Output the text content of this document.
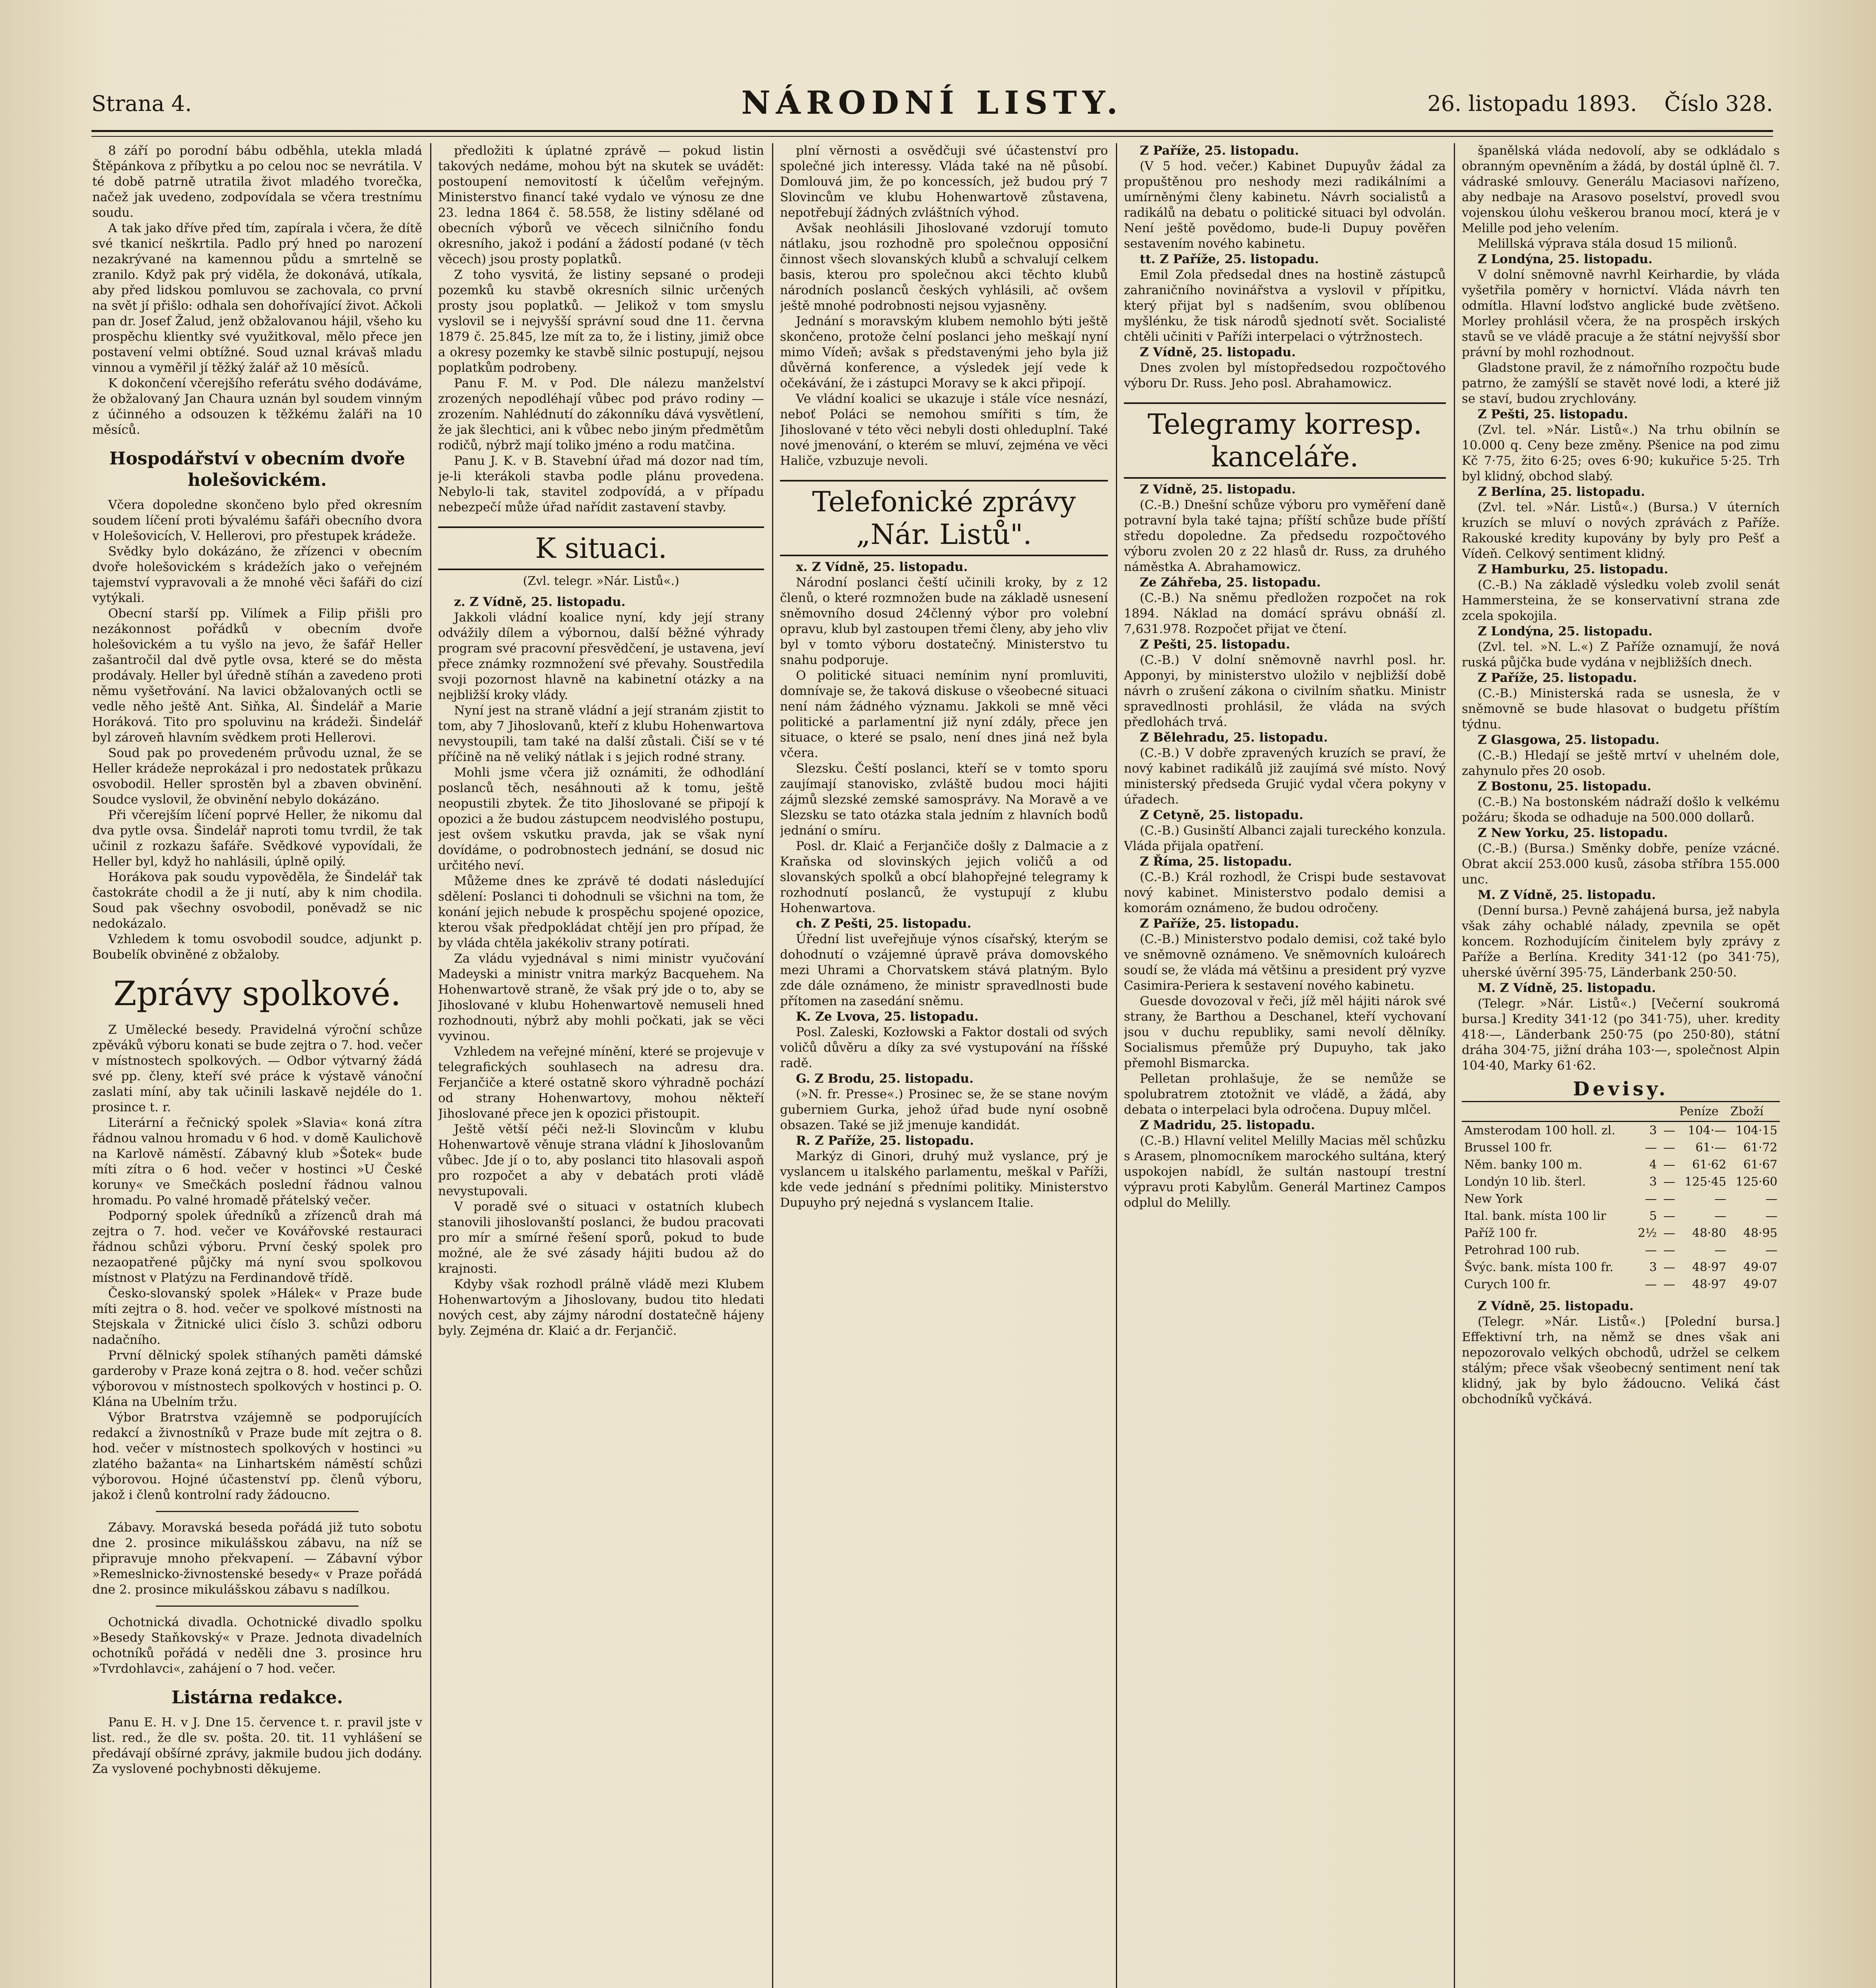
Strana 4.	NÁRODNÍ LISTY.	26. listopadu 1893. Číslo 328.

8 září po porodní bábu odběhla, utekla mladá Štěpánkova z příbytku a po celou noc se nevrátila. V té době patrně utratila život mladého tvorečka, načež jak uvedeno, zodpovídala se včera trestnímu soudu.

A tak jako dříve před tím, zapírala i včera, že dítě své tkanicí neškrtila. Padlo prý hned po narození nezakrývané na kamennou půdu a smrtelně se zranilo. Když pak prý viděla, že dokonává, utíkala, aby před lidskou pomluvou se zachovala, co první na svět jí přišlo: odhala sen dohořívající život. Ačkoli pan dr. Josef Žalud, jenž obžalovanou hájil, všeho ku prospěchu klientky své využitkoval, mělo přece jen postavení velmi obtížné. Soud uznal krávaš mladu vinnou a vyměřil jí těžký žalář až 10 měsíců.

K dokončení včerejšího referátu svého dodáváme, že obžalovaný Jan Chaura uznán byl soudem vinným z účinného a odsouzen k těžkému žaláři na 10 měsíců.

Hospodářství v obecním dvoře holešovickém.

Včera dopoledne skončeno bylo před okresním soudem líčení proti bývalému šafáři obecního dvora v Holešovicích, V. Hellerovi, pro přestupek krádeže.

Svědky bylo dokázáno, že zřízenci v obecním dvoře holešovickém s krádežích jako o veřejném tajemství vypravovali a že mnohé věci šafáři do cizí vytýkali.

Obecní starší pp. Vilímek a Filip přišli pro nezákonnost pořádků v obecním dvoře holešovickém a tu vyšlo na jevo, že šafář Heller zašantročil dal dvě pytle ovsa, které se do města prodávaly. Heller byl úředně stíhán a zavedeno proti němu vyšetřování. Na lavici obžalovaných octli se vedle něho ještě Ant. Siňka, Al. Šindelář a Marie Horáková. Tito pro spoluvinu na krádeži. Šindelář byl zároveň hlavním svědkem proti Hellerovi.

Soud pak po provedeném průvodu uznal, že se Heller krádeže neprokázal i pro nedostatek průkazu osvobodil. Heller sprostěn byl a zbaven obvinění. Soudce vyslovil, že obvinění nebylo dokázáno.

Při včerejším líčení poprvé Heller, že nikomu dal dva pytle ovsa. Šindelář naproti tomu tvrdil, že tak učinil z rozkazu šafáře. Svědkové vypovídali, že Heller byl, když ho nahlásili, úplně opilý.

Horákova pak soudu vypověděla, že Šindelář tak častokráte chodil a že ji nutí, aby k nim chodila. Soud pak všechny osvobodil, poněvadž se nic nedokázalo.

Vzhledem k tomu osvobodil soudce, adjunkt p. Boubelík obviněné z obžaloby.

Zprávy spolkové.

Z Umělecké besedy. Pravidelná výroční schůze zpěváků výboru konati se bude zejtra o 7. hod. večer v místnostech spolkových. — Odbor výtvarný žádá své pp. členy, kteří své práce k výstavě vánoční zaslati míní, aby tak učinili laskavě nejdéle do 1. prosince t. r.

Literární a řečnický spolek »Slavia« koná zítra řádnou valnou hromadu v 6 hod. v domě Kaulichově na Karlově náměstí. Zábavný klub »Šotek« bude míti zítra o 6 hod. večer v hostinci »U České koruny« ve Smečkách poslední řádnou valnou hromadu. Po valné hromadě přátelský večer.

Podporný spolek úředníků a zřízenců drah má zejtra o 7. hod. večer ve Kovářovské restauraci řádnou schůzi výboru. První český spolek pro nezaopatřené půjčky má nyní svou spolkovou místnost v Platýzu na Ferdinandově třídě.

Česko-slovanský spolek »Hálek« v Praze bude míti zejtra o 8. hod. večer ve spolkové místnosti na Stejskala v Žitnické ulici číslo 3. schůzi odboru nadačního.

První dělnický spolek stíhaných paměti dámské garderoby v Praze koná zejtra o 8. hod. večer schůzi výborovou v místnostech spolkových v hostinci p. O. Klána na Ubelním tržu.

Výbor Bratrstva vzájemně se podporujících redakcí a živnostníků v Praze bude mít zejtra o 8. hod. večer v místnostech spolkových v hostinci »u zlatého bažanta« na Linhartském náměstí schůzi výborovou. Hojné účastenství pp. členů výboru, jakož i členů kontrolní rady žádoucno.

Zábavy. Moravská beseda pořádá již tuto sobotu dne 2. prosince mikulášskou zábavu, na níž se připravuje mnoho překvapení. — Zábavní výbor »Remeslnicko-živnostenské besedy« v Praze pořádá dne 2. prosince mikulášskou zábavu s nadílkou.

Ochotnická divadla. Ochotnické divadlo spolku »Besedy Staňkovský« v Praze. Jednota divadelních ochotníků pořádá v neděli dne 3. prosince hru »Tvrdohlavci«, zahájení o 7 hod. večer.

Listárna redakce.

Panu E. H. v J. Dne 15. července t. r. pravil jste v list. red., že dle sv. pošta. 20. tit. 11 vyhlášení se předávají obšírné zprávy, jakmile budou jich dodány. Za vyslovené pochybnosti děkujeme.

předložiti k úplatné zprávě — pokud listin takových nedáme, mohou být na skutek se uvádět: postoupení nemovitostí k účelům veřejným. Ministerstvo financí také vydalo ve výnosu ze dne 23. ledna 1864 č. 58.558, že listiny sdělané od obecních výborů ve věcech silničního fondu okresního, jakož i podání a žádostí podané (v těch věcech) jsou prosty poplatků.

Z toho vysvitá, že listiny sepsané o prodeji pozemků ku stavbě okresních silnic určených prosty jsou poplatků. — Jelikož v tom smyslu vyslovil se i nejvyšší správní soud dne 11. června 1879 č. 25.845, lze mít za to, že i listiny, jimiž obce a okresy pozemky ke stavbě silnic postupují, nejsou poplatkům podrobeny.

Panu F. M. v Pod. Dle nálezu manželství zrozených nepodléhají vůbec pod právo rodiny — zrozením. Nahlédnutí do zákonníku dává vysvětlení, že jak šlechtici, ani k vůbec nebo jiným předmětům rodičů, nýbrž mají toliko jméno a rodu matčina.

Panu J. K. v B. Stavební úřad má dozor nad tím, je-li kterákoli stavba podle plánu provedena. Nebylo-li tak, stavitel zodpovídá, a v případu nebezpečí může úřad nařídit zastavení stavby.

K situaci.
(Zvl. telegr. »Nár. Listů«.)

z. Z Vídně, 25. listopadu.

Jakkoli vládní koalice nyní, kdy její strany odvážily dílem a výbornou, další běžné výhrady program své pracovní přesvědčení, je ustavena, jeví přece známky rozmnožení své převahy. Soustředila svoji pozornost hlavně na kabinetní otázky a na nejbližší kroky vlády.

Nyní jest na straně vládní a její stranám zjistit to tom, aby 7 Jihoslovanů, kteří z klubu Hohenwartova nevystoupili, tam také na další zůstali. Čiší se v té příčině na ně veliký nátlak i s jejich rodné strany.

Mohli jsme včera již oznámiti, že odhodlání poslanců těch, nesáhnouti až k tomu, ještě neopustili zbytek. Že tito Jihoslované se připojí k opozici a že budou zástupcem neodvislého postupu, jest ovšem vskutku pravda, jak se však nyní dovídáme, o podrobnostech jednání, se dosud nic určitého neví.

Můžeme dnes ke zprávě té dodati následující sdělení: Poslanci ti dohodnuli se všichni na tom, že konání jejich nebude k prospěchu spojené opozice, kterou však předpokládat chtějí jen pro případ, že by vláda chtěla jakékoliv strany potírati.

Za vládu vyjednával s nimi ministr vyučování Madeyski a ministr vnitra markýz Bacquehem. Na Hohenwartově straně, že však prý jde o to, aby se Jihoslované v klubu Hohenwartově nemuseli hned rozhodnouti, nýbrž aby mohli počkati, jak se věci vyvinou.

Vzhledem na veřejné mínění, které se projevuje v telegrafických souhlasech na adresu dra. Ferjančiče a které ostatně skoro výhradně pochází od strany Hohenwartovy, mohou někteří Jihoslované přece jen k opozici přistoupit.

Ještě větší péči než-li Slovincům v klubu Hohenwartově věnuje strana vládní k Jihoslovanům vůbec. Jde jí o to, aby poslanci tito hlasovali aspoň pro rozpočet a aby v debatách proti vládě nevystupovali.

V poradě své o situaci v ostatních klubech stanovili jihoslovanští poslanci, že budou pracovati pro mír a smírné řešení sporů, pokud to bude možné, ale že své zásady hájiti budou až do krajnosti.

Kdyby však rozhodl prálně vládě mezi Klubem Hohenwartovým a Jihoslovany, budou tito hledati nových cest, aby zájmy národní dostatečně hájeny byly. Zejména dr. Klaić a dr. Ferjančič.

plní věrnosti a osvědčuji své účastenství pro společné jich interessy. Vláda také na ně působí. Domlouvá jim, že po koncessích, jež budou prý 7 Slovincům ve klubu Hohenwartově zůstavena, nepotřebují žádných zvláštních výhod.

Avšak neohlásili Jihoslované vzdorují tomuto nátlaku, jsou rozhodně pro společnou opposiční činnost všech slovanských klubů a schvalují celkem basis, kterou pro společnou akci těchto klubů národních poslanců českých vyhlásili, ač ovšem ještě mnohé podrobnosti nejsou vyjasněny.

Jednání s moravským klubem nemohlo býti ještě skončeno, protože čelní poslanci jeho meškají nyní mimo Vídeň; avšak s představenými jeho byla již důvěrná konference, a výsledek její vede k očekávání, že i zástupci Moravy se k akci připojí.

Ve vládní koalici se ukazuje i stále více nesnází, neboť Poláci se nemohou smířiti s tím, že Jihoslované v této věci nebyli dosti ohleduplní. Také nové jmenování, o kterém se mluví, zejména ve věci Haliče, vzbuzuje nevoli.

Telefonické zprávy „Nár. Listů".

x. Z Vídně, 25. listopadu.

Národní poslanci čeští učinili kroky, by z 12 členů, o které rozmnožen bude na základě usnesení sněmovního dosud 24členný výbor pro volební opravu, klub byl zastoupen třemi členy, aby jeho vliv byl v tomto výboru dostatečný. Ministerstvo tu snahu podporuje.

O politické situaci nemínim nyní promluviti, domnívaje se, že taková diskuse o všeobecné situaci není nám žádného významu. Jakkoli se mně věci politické a parlamentní již nyní zdály, přece jen situace, o které se psalo, není dnes jiná než byla včera.

Slezsku. Čeští poslanci, kteří se v tomto sporu zaujímají stanovisko, zvláště budou moci hájiti zájmů slezské zemské samosprávy. Na Moravě a ve Slezsku se tato otázka stala jedním z hlavních bodů jednání o smíru.

Posl. dr. Klaić a Ferjančiče došly z Dalmacie a z Kraňska od slovinských jejich voličů a od slovanských spolků a obcí blahopřejné telegramy k rozhodnutí poslanců, že vystupují z klubu Hohenwartova.

ch. Z Pešti, 25. listopadu.

Úřední list uveřejňuje výnos císařský, kterým se dohodnutí o vzájemné úpravě práva domovského mezi Uhrami a Chorvatskem stává platným. Bylo zde dále oznámeno, že ministr spravedlnosti bude přítomen na zasedání sněmu.

K. Ze Lvova, 25. listopadu.

Posl. Zaleski, Kozłowski a Faktor dostali od svých voličů důvěru a díky za své vystupování na říšské radě.

G. Z Brodu, 25. listopadu.

(»N. fr. Presse«.) Prosinec se, že se stane novým guberniem Gurka, jehož úřad bude nyní osobně obsazen. Také se již jmenuje kandidát.

R. Z Paříže, 25. listopadu.

Markýz di Ginori, druhý muž vyslance, prý je vyslancem u italského parlamentu, meškal v Paříži, kde vede jednání s předními politiky. Ministerstvo Dupuyho prý nejedná s vyslancem Italie.

Z Paříže, 25. listopadu.

(V 5 hod. večer.) Kabinet Dupuyův žádal za propuštěnou pro neshody mezi radikálními a umírněnými členy kabinetu. Návrh socialistů a radikálů na debatu o politické situaci byl odvolán. Není ještě povědomo, bude-li Dupuy pověřen sestavením nového kabinetu.

tt. Z Paříže, 25. listopadu.

Emil Zola předsedal dnes na hostině zástupců zahraničního novinářstva a vyslovil v přípitku, který přijat byl s nadšením, svou oblíbenou myšlénku, že tisk národů sjednotí svět. Socialisté chtěli učiniti v Paříži interpelaci o výtržnostech.

Z Vídně, 25. listopadu.

Dnes zvolen byl místopředsedou rozpočtového výboru Dr. Russ. Jeho posl. Abrahamowicz.

Telegramy korresp. kanceláře.

Z Vídně, 25. listopadu.

(C.-B.) Dnešní schůze výboru pro vyměření daně potravní byla také tajna; příští schůze bude příští středu dopoledne. Za předsedu rozpočtového výboru zvolen 20 z 22 hlasů dr. Russ, za druhého náměstka A. Abrahamowicz.

Ze Záhřeba, 25. listopadu.

(C.-B.) Na sněmu předložen rozpočet na rok 1894. Náklad na domácí správu obnáší zl. 7,631.978. Rozpočet přijat ve čtení.

Z Pešti, 25. listopadu.

(C.-B.) V dolní sněmovně navrhl posl. hr. Apponyi, by ministerstvo uložilo v nejbližší době návrh o zrušení zákona o civilním sňatku. Ministr spravedlnosti prohlásil, že vláda na svých předlohách trvá.

Z Bělehradu, 25. listopadu.

(C.-B.) V dobře zpravených kruzích se praví, že nový kabinet radikálů již zaujímá své místo. Nový ministerský předseda Grujić vydal včera pokyny v úřadech.

Z Cetyně, 25. listopadu.

(C.-B.) Gusinští Albanci zajali tureckého konzula. Vláda přijala opatření.

Z Říma, 25. listopadu.

(C.-B.) Král rozhodl, že Crispi bude sestavovat nový kabinet. Ministerstvo podalo demisi a komorám oznámeno, že budou odročeny.

Z Paříže, 25. listopadu.

(C.-B.) Ministerstvo podalo demisi, což také bylo ve sněmovně oznámeno. Ve sněmovních kuloárech soudí se, že vláda má většinu a president prý vyzve Casimira-Periera k sestavení nového kabinetu.

Guesde dovozoval v řeči, jíž měl hájiti nárok své strany, že Barthou a Deschanel, kteří vychovaní jsou v duchu republiky, sami nevolí dělníky. Socialismus přemůže prý Dupuyho, tak jako přemohl Bismarcka.

Pelletan prohlašuje, že se nemůže se spolubratrem ztotožnit ve vládě, a žádá, aby debata o interpelaci byla odročena. Dupuy mlčel.

Z Madridu, 25. listopadu.

(C.-B.) Hlavní velitel Melilly Macias měl schůzku s Arasem, plnomocníkem marockého sultána, který uspokojen nabídl, že sultán nastoupí trestní výpravu proti Kabylům. Generál Martinez Campos odplul do Melilly.

španělská vláda nedovolí, aby se odkládalo s obranným opevněním a žádá, by dostál úplně čl. 7. vádraské smlouvy. Generálu Maciasovi nařízeno, aby nedbaje na Arasovo poselství, provedl svou vojenskou úlohu veškerou branou mocí, která je v Melille pod jeho velením.

Melillská výprava stála dosud 15 milionů.

Z Londýna, 25. listopadu.

V dolní sněmovně navrhl Keirhardie, by vláda vyšetřila poměry v hornictví. Vláda návrh ten odmítla. Hlavní loďstvo anglické bude zvětšeno. Morley prohlásil včera, že na prospěch irských stavů se ve vládě pracuje a že státní nejvyšší sbor právní by mohl rozhodnout.

Gladstone pravil, že z námořního rozpočtu bude patrno, že zamýšlí se stavět nové lodi, a které již se staví, budou zrychlovány.

Z Pešti, 25. listopadu.

(Zvl. tel. »Nár. Listů«.) Na trhu obilnín se 10.000 q. Ceny beze změny. Pšenice na pod zimu Kč 7·75, žito 6·25; oves 6·90; kukuřice 5·25. Trh byl klidný, obchod slabý.

Z Berlína, 25. listopadu.

(Zvl. tel. »Nár. Listů«.) (Bursa.) V úterních kruzích se mluví o nových zprávách z Paříže. Rakouské kredity kupovány by byly pro Pešť a Vídeň. Celkový sentiment klidný.

Z Hamburku, 25. listopadu.

(C.-B.) Na základě výsledku voleb zvolil senát Hammersteina, že se konservativní strana zde zcela spokojila.

Z Londýna, 25. listopadu.

(Zvl. tel. »N. L.«) Z Paříže oznamují, že nová ruská půjčka bude vydána v nejbližších dnech.

Z Paříže, 25. listopadu.

(C.-B.) Ministerská rada se usnesla, že v sněmovně se bude hlasovat o budgetu příštím týdnu.

Z Glasgowa, 25. listopadu.

(C.-B.) Hledají se ještě mrtví v uhelném dole, zahynulo přes 20 osob.

Z Bostonu, 25. listopadu.

(C.-B.) Na bostonském nádraží došlo k velkému požáru; škoda se odhaduje na 500.000 dollarů.

Z New Yorku, 25. listopadu.

(C.-B.) (Bursa.) Směnky dobře, peníze vzácné. Obrat akcií 253.000 kusů, zásoba stříbra 155.000 unc.

M. Z Vídně, 25. listopadu.

(Denní bursa.) Pevně zahájená bursa, jež nabyla však záhy ochablé nálady, zpevnila se opět koncem. Rozhodujícím činitelem byly zprávy z Paříže a Berlína. Kredity 341·12 (po 341·75), uherské úvěrní 395·75, Länderbank 250·50.

M. Z Vídně, 25. listopadu.

(Telegr. »Nár. Listů«.) [Večerní soukromá bursa.] Kredity 341·12 (po 341·75), uher. kredity 418·—, Länderbank 250·75 (po 250·80), státní dráha 304·75, jižní dráha 103·—, společnost Alpin 104·40, Marky 61·62.

Devisy.
			Peníze	Zboží
Amsterodam 100 holl. zl.	3	—	104·—	104·15
Brussel 100 fr.	—	—	61·—	61·72
Něm. banky 100 m.	4	—	61·62	61·67
Londýn 10 lib. šterl.	3	—	125·45	125·60
New York	—	—	—	—
Ital. bank. místa 100 lir	5	—	—	—
Paříž 100 fr.	2½	—	48·80	48·95
Petrohrad 100 rub.	—	—	—	—
Švýc. bank. místa 100 fr.	3	—	48·97	49·07
Curych 100 fr.	—	—	48·97	49·07

Z Vídně, 25. listopadu.

(Telegr. »Nár. Listů«.) [Polední bursa.] Effektivní trh, na němž se dnes však ani nepozorovalo velkých obchodů, udržel se celkem stálým; přece však všeobecný sentiment není tak klidný, jak by bylo žádoucno. Veliká část obchodníků vyčkává.
